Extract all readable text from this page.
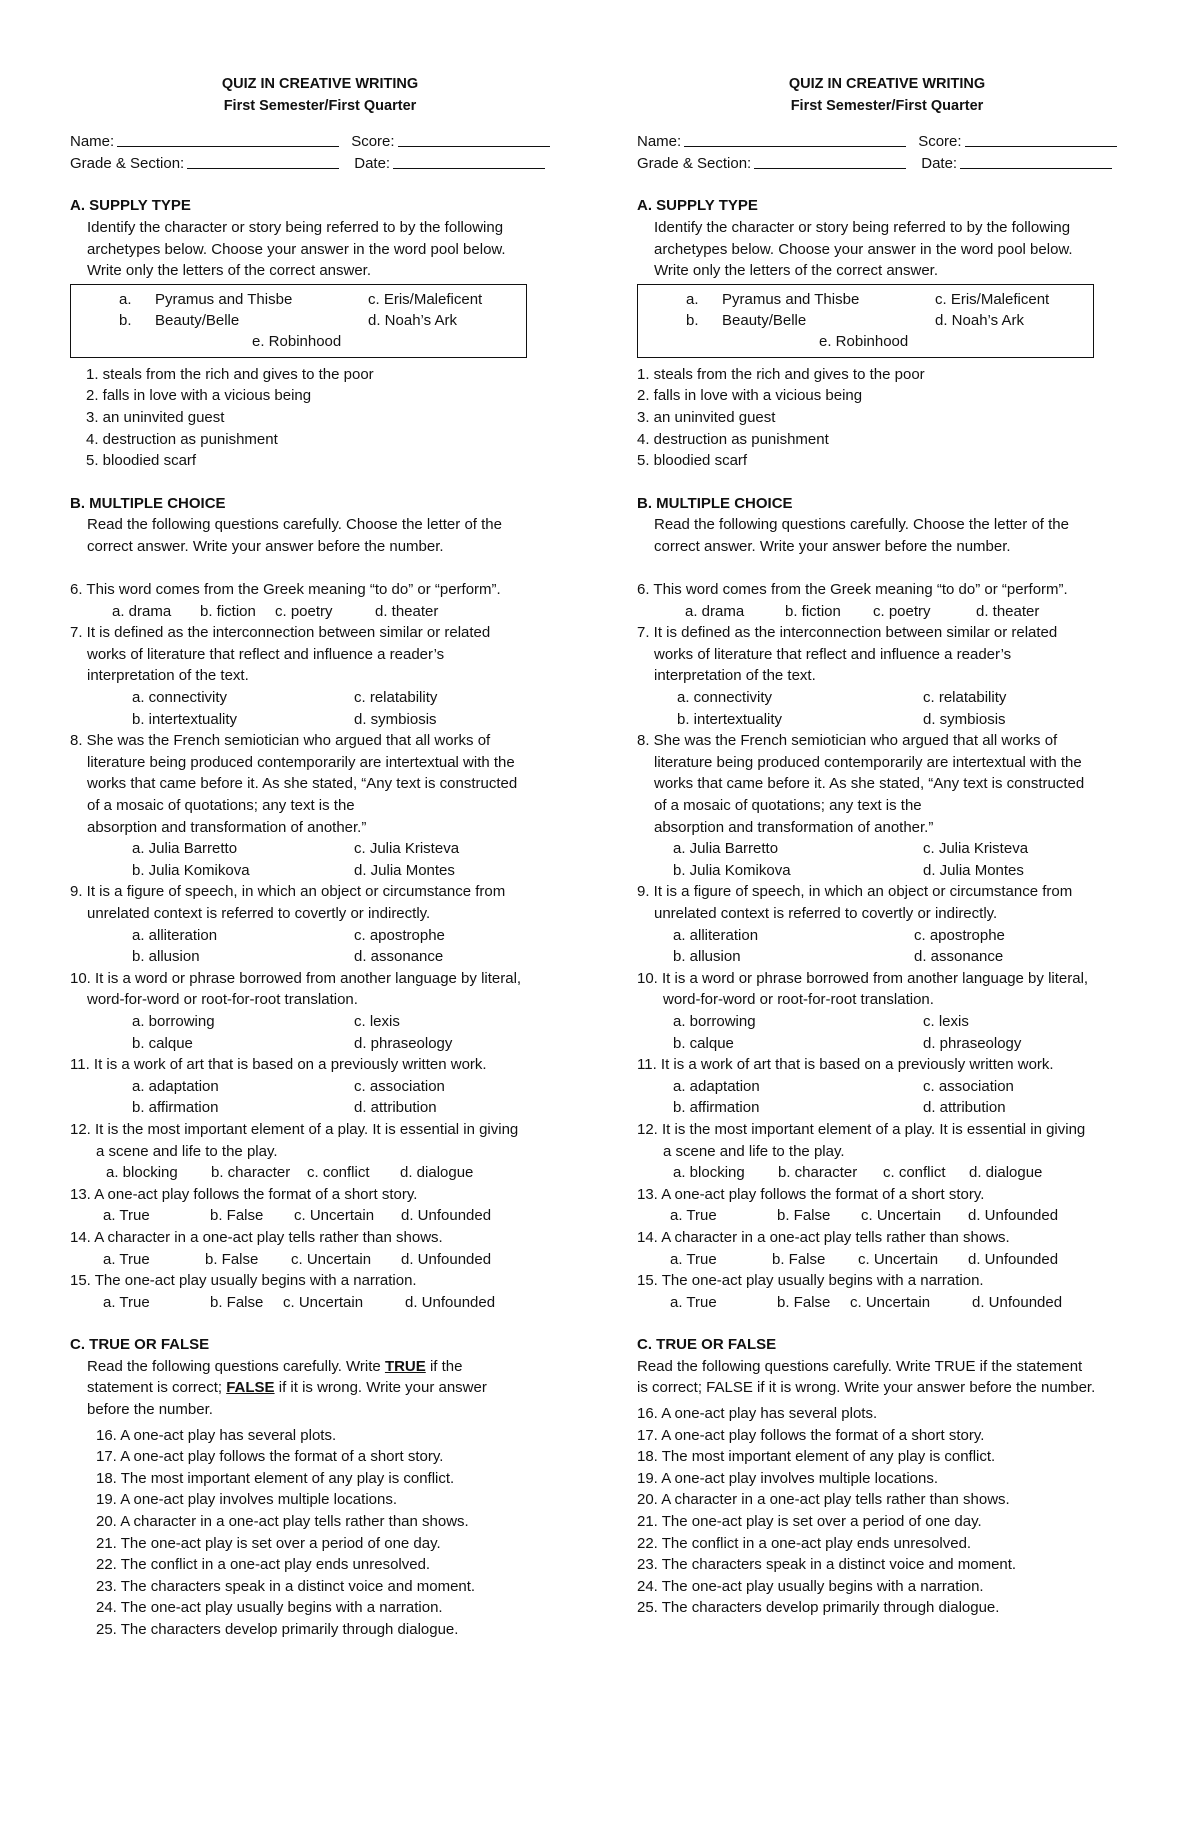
QUIZ IN CREATIVE WRITING
First Semester/First Quarter
Name:	Score:
Grade & Section:	Date:
A. SUPPLY TYPE
Identify the character or story being referred to by the following
archetypes below. Choose your answer in the word pool below.
Write only the letters of the correct answer.
a. Pyramus and Thisbe	c. Eris/Maleficent
b. Beauty/Belle	d. Noah’s Ark
e. Robinhood
1. steals from the rich and gives to the poor
2. falls in love with a vicious being
3. an uninvited guest
4. destruction as punishment
5. bloodied scarf
B. MULTIPLE CHOICE
Read the following questions carefully. Choose the letter of the
correct answer. Write your answer before the number.
6. This word comes from the Greek meaning “to do” or “perform”.
a. drama b. fiction c. poetry	d. theater
7. It is defined as the interconnection between similar or related
works of literature that reflect and influence a reader’s
interpretation of the text.
a. connectivity	c. relatability
b. intertextuality	d. symbiosis
8. She was the French semiotician who argued that all works of
literature being produced contemporarily are intertextual with the
works that came before it. As she stated, “Any text is constructed
of a mosaic of quotations; any text is the
absorption and transformation of another.”
a. Julia Barretto	c. Julia Kristeva
b. Julia Komikova	d. Julia Montes
9. It is a figure of speech, in which an object or circumstance from
unrelated context is referred to covertly or indirectly.
a. alliteration	c. apostrophe
b. allusion	d. assonance
10. It is a word or phrase borrowed from another language by literal,
word-for-word or root-for-root translation.
a. borrowing	c. lexis
b. calque	d. phraseology
11. It is a work of art that is based on a previously written work.
a. adaptation	c. association
b. affirmation	d. attribution
12. It is the most important element of a play. It is essential in giving
a scene and life to the play.
a. blocking b. character c. conflict d. dialogue
13. A one-act play follows the format of a short story.
a. True	b. False c. Uncertain d. Unfounded
14. A character in a one-act play tells rather than shows.
a. True	b. False c. Uncertain d. Unfounded
15. The one-act play usually begins with a narration.
a. True	b. False c. Uncertain	d. Unfounded
C. TRUE OR FALSE
Read the following questions carefully. Write TRUE if the
statement is correct; FALSE if it is wrong. Write your answer
before the number.
16. A one-act play has several plots.
17. A one-act play follows the format of a short story.
18. The most important element of any play is conflict.
19. A one-act play involves multiple locations.
20. A character in a one-act play tells rather than shows.
21. The one-act play is set over a period of one day.
22. The conflict in a one-act play ends unresolved.
23. The characters speak in a distinct voice and moment.
24. The one-act play usually begins with a narration.
25. The characters develop primarily through dialogue.
QUIZ IN CREATIVE WRITING
First Semester/First Quarter
Name:	Score:
Grade & Section:	Date:
A. SUPPLY TYPE
Identify the character or story being referred to by the following
archetypes below. Choose your answer in the word pool below.
Write only the letters of the correct answer.
a. Pyramus and Thisbe	c. Eris/Maleficent
b. Beauty/Belle	d. Noah’s Ark
e. Robinhood
1. steals from the rich and gives to the poor
2. falls in love with a vicious being
3. an uninvited guest
4. destruction as punishment
5. bloodied scarf
B. MULTIPLE CHOICE
Read the following questions carefully. Choose the letter of the
correct answer. Write your answer before the number.
6. This word comes from the Greek meaning “to do” or “perform”.
a. drama	b. fiction c. poetry	d. theater
7. It is defined as the interconnection between similar or related
works of literature that reflect and influence a reader’s
interpretation of the text.
a. connectivity	c. relatability
b. intertextuality	d. symbiosis
8. She was the French semiotician who argued that all works of
literature being produced contemporarily are intertextual with the
works that came before it. As she stated, “Any text is constructed
of a mosaic of quotations; any text is the
absorption and transformation of another.”
a. Julia Barretto	c. Julia Kristeva
b. Julia Komikova	d. Julia Montes
9. It is a figure of speech, in which an object or circumstance from
unrelated context is referred to covertly or indirectly.
a. alliteration	c. apostrophe
b. allusion	d. assonance
10. It is a word or phrase borrowed from another language by literal,
word-for-word or root-for-root translation.
a. borrowing	c. lexis
b. calque	d. phraseology
11. It is a work of art that is based on a previously written work.
a. adaptation	c. association
b. affirmation	d. attribution
12. It is the most important element of a play. It is essential in giving
a scene and life to the play.
a. blocking b. character c. conflict d. dialogue
13. A one-act play follows the format of a short story.
a. True	b. False c. Uncertain d. Unfounded
14. A character in a one-act play tells rather than shows.
a. True	b. False c. Uncertain d. Unfounded
15. The one-act play usually begins with a narration.
a. True	b. False c. Uncertain	d. Unfounded
C. TRUE OR FALSE
Read the following questions carefully. Write TRUE if the statement
is correct; FALSE if it is wrong. Write your answer before the number.
16. A one-act play has several plots.
17. A one-act play follows the format of a short story.
18. The most important element of any play is conflict.
19. A one-act play involves multiple locations.
20. A character in a one-act play tells rather than shows.
21. The one-act play is set over a period of one day.
22. The conflict in a one-act play ends unresolved.
23. The characters speak in a distinct voice and moment.
24. The one-act play usually begins with a narration.
25. The characters develop primarily through dialogue.
